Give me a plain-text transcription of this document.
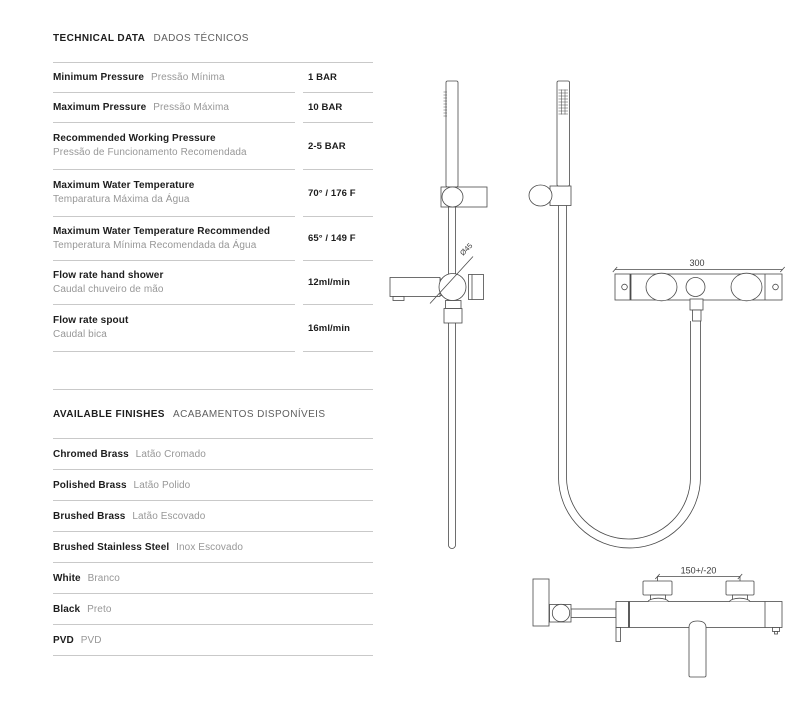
TECHNICAL DATA DADOS TÉCNICOS
Minimum Pressure Pressão Mínima	1 BAR
Maximum Pressure Pressão Máxima	10 BAR
Recommended Working Pressure
Pressão de Funcionamento Recomendada
2-5 BAR
Maximum Water Temperature
Temparatura Máxima da Água
70° / 176 F
Maximum Water Temperature Recommended
Temperatura Mínima Recomendada da Água
65° / 149 F
Flow rate hand shower
Caudal chuveiro de mão
12ml/min
Flow rate spout
Caudal bica
16ml/min
AVAILABLE FINISHES ACABAMENTOS DISPONÍVEIS
Chromed Brass Latão Cromado
Polished Brass Latão Polido
Brushed Brass Latão Escovado
Brushed Stainless Steel Inox Escovado
White Branco
Black Preto
PVD PVD
Ø45
300
150+/-20
